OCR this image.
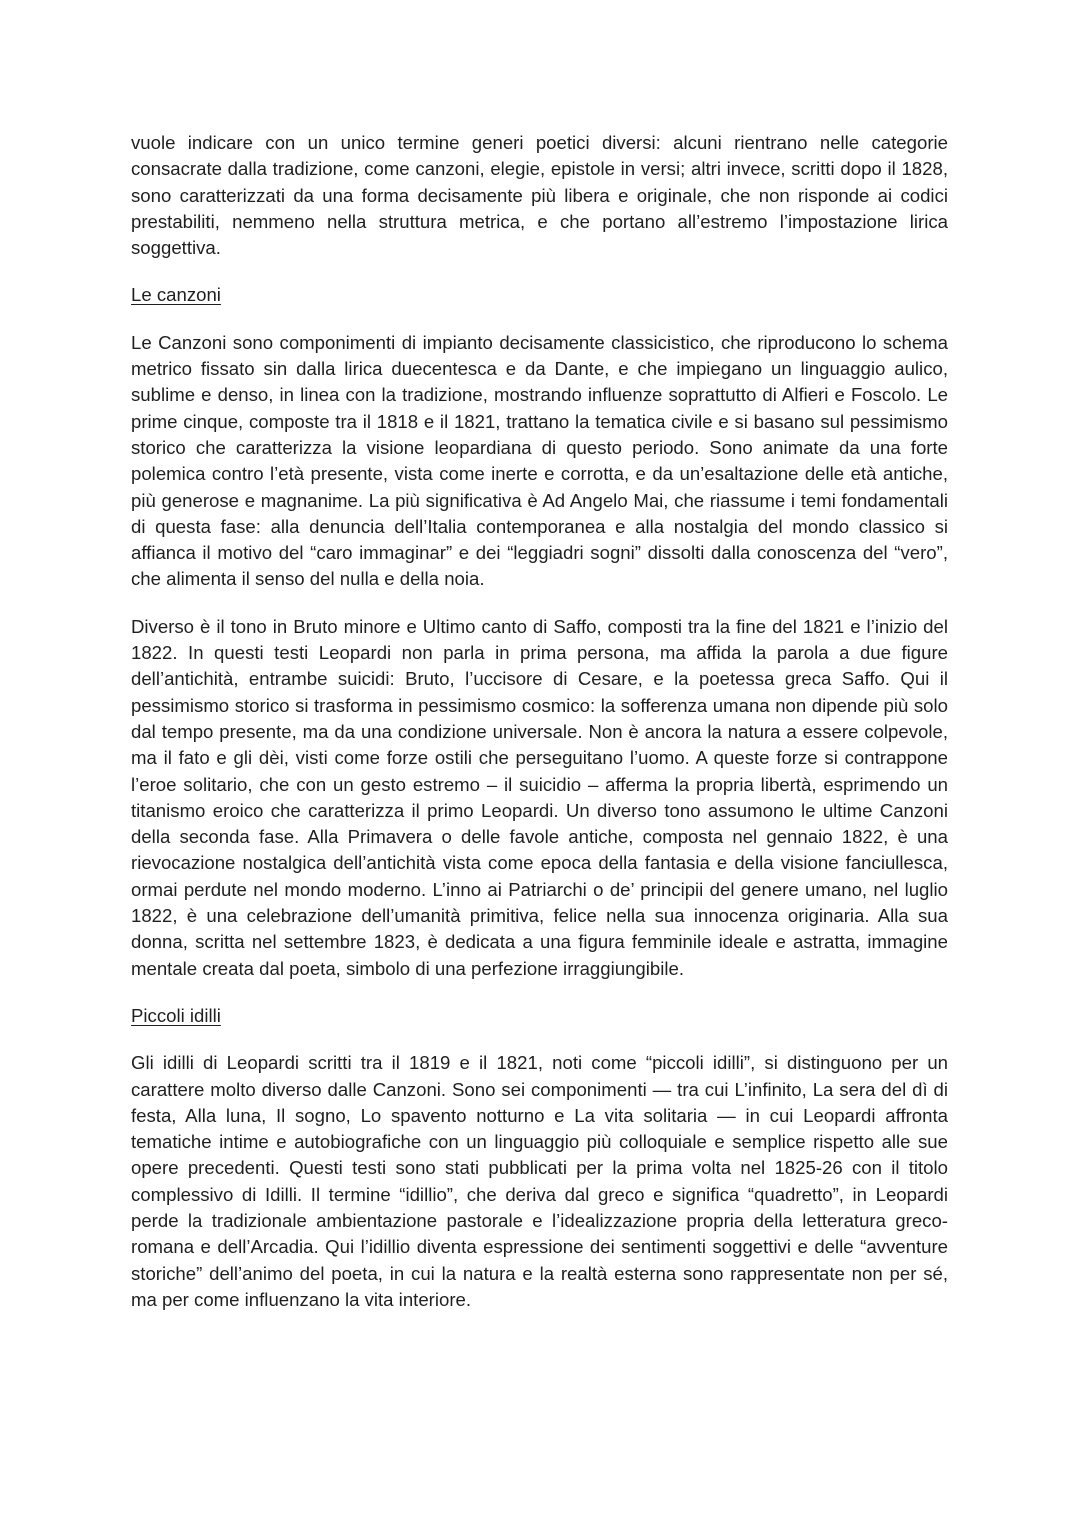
vuole indicare con un unico termine generi poetici diversi: alcuni rientrano nelle categorie consacrate dalla tradizione, come canzoni, elegie, epistole in versi; altri invece, scritti dopo il 1828, sono caratterizzati da una forma decisamente più libera e originale, che non risponde ai codici prestabiliti, nemmeno nella struttura metrica, e che portano all’estremo l’impostazione lirica soggettiva.

Le canzoni

Le Canzoni sono componimenti di impianto decisamente classicistico, che riproducono lo schema metrico fissato sin dalla lirica duecentesca e da Dante, e che impiegano un linguaggio aulico, sublime e denso, in linea con la tradizione, mostrando influenze soprattutto di Alfieri e Foscolo. Le prime cinque, composte tra il 1818 e il 1821, trattano la tematica civile e si basano sul pessimismo storico che caratterizza la visione leopardiana di questo periodo. Sono animate da una forte polemica contro l’età presente, vista come inerte e corrotta, e da un’esaltazione delle età antiche, più generose e magnanime. La più significativa è Ad Angelo Mai, che riassume i temi fondamentali di questa fase: alla denuncia dell’Italia contemporanea e alla nostalgia del mondo classico si affianca il motivo del “caro immaginar” e dei “leggiadri sogni” dissolti dalla conoscenza del “vero”, che alimenta il senso del nulla e della noia.

Diverso è il tono in Bruto minore e Ultimo canto di Saffo, composti tra la fine del 1821 e l’inizio del 1822. In questi testi Leopardi non parla in prima persona, ma affida la parola a due figure dell’antichità, entrambe suicidi: Bruto, l’uccisore di Cesare, e la poetessa greca Saffo. Qui il pessimismo storico si trasforma in pessimismo cosmico: la sofferenza umana non dipende più solo dal tempo presente, ma da una condizione universale. Non è ancora la natura a essere colpevole, ma il fato e gli dèi, visti come forze ostili che perseguitano l’uomo. A queste forze si contrappone l’eroe solitario, che con un gesto estremo – il suicidio – afferma la propria libertà, esprimendo un titanismo eroico che caratterizza il primo Leopardi. Un diverso tono assumono le ultime Canzoni della seconda fase. Alla Primavera o delle favole antiche, composta nel gennaio 1822, è una rievocazione nostalgica dell’antichità vista come epoca della fantasia e della visione fanciullesca, ormai perdute nel mondo moderno. L’inno ai Patriarchi o de’ principii del genere umano, nel luglio 1822, è una celebrazione dell’umanità primitiva, felice nella sua innocenza originaria. Alla sua donna, scritta nel settembre 1823, è dedicata a una figura femminile ideale e astratta, immagine mentale creata dal poeta, simbolo di una perfezione irraggiungibile.

Piccoli idilli

Gli idilli di Leopardi scritti tra il 1819 e il 1821, noti come “piccoli idilli”, si distinguono per un carattere molto diverso dalle Canzoni. Sono sei componimenti — tra cui L’infinito, La sera del dì di festa, Alla luna, Il sogno, Lo spavento notturno e La vita solitaria — in cui Leopardi affronta tematiche intime e autobiografiche con un linguaggio più colloquiale e semplice rispetto alle sue opere precedenti. Questi testi sono stati pubblicati per la prima volta nel 1825-26 con il titolo complessivo di Idilli. Il termine “idillio”, che deriva dal greco e significa “quadretto”, in Leopardi perde la tradizionale ambientazione pastorale e l’idealizzazione propria della letteratura greco-romana e dell’Arcadia. Qui l’idillio diventa espressione dei sentimenti soggettivi e delle “avventure storiche” dell’animo del poeta, in cui la natura e la realtà esterna sono rappresentate non per sé, ma per come influenzano la vita interiore.
